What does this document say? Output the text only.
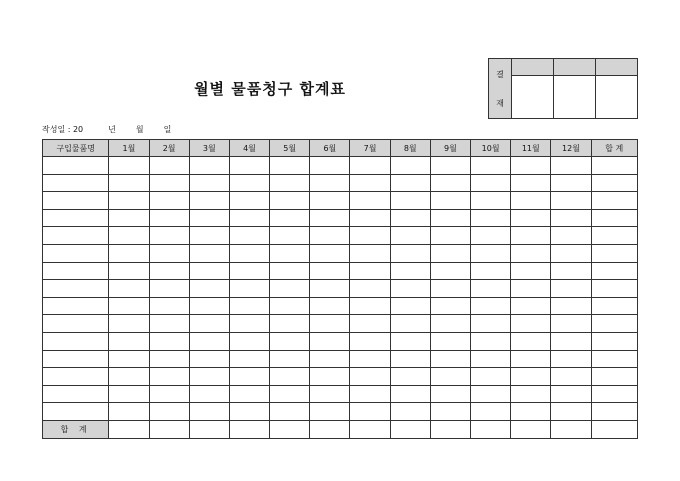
월별 물품청구 합계표
결
재			

작성일 : 20	년	월	일
구입물품명	1월	2월	3월	4월	5월	6월	7월	8월	9월	10월	11월	12월	합 계

합 계													
